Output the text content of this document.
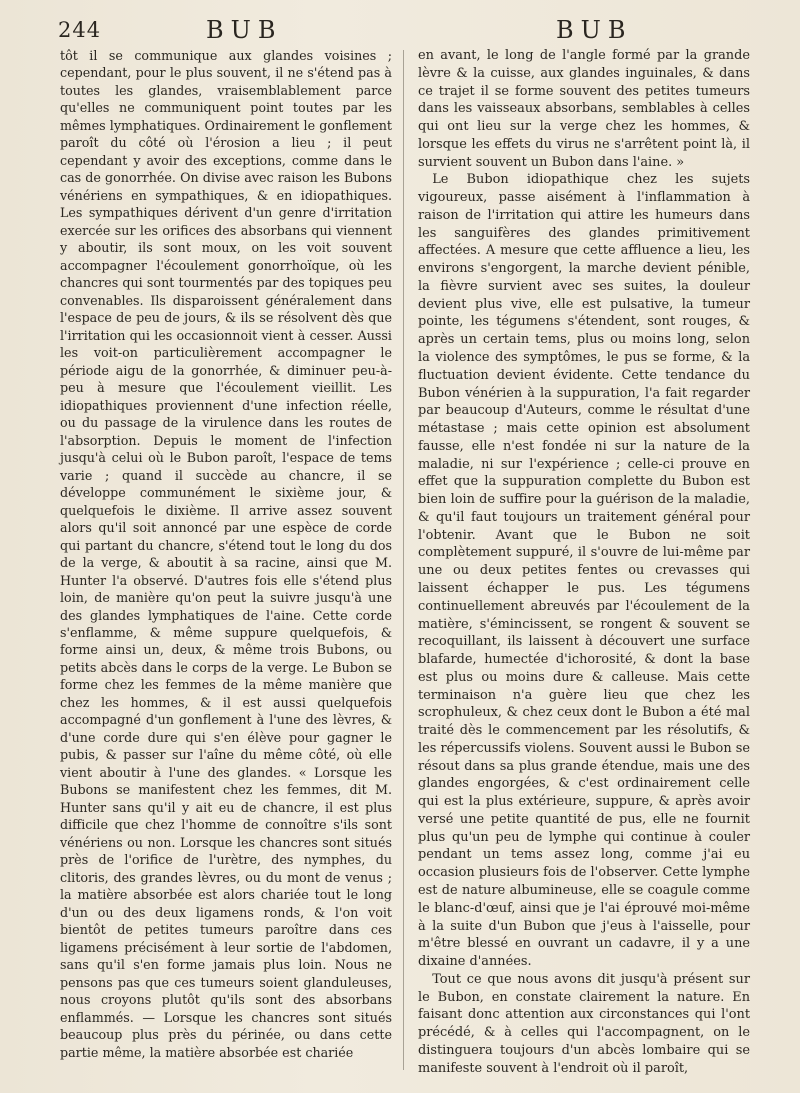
244	BUB	BUB

tôt il se communique aux glandes voisines ; cependant, pour le plus souvent, il ne s'étend pas à toutes les glandes, vraisemblablement parce qu'elles ne communiquent point toutes par les mêmes lymphatiques. Ordinairement le gonflement paroît du côté où l'érosion a lieu ; il peut cependant y avoir des exceptions, comme dans le cas de gonorrhée. On divise avec raison les Bubons vénériens en sympathiques, & en idiopathiques. Les sympathiques dérivent d'un genre d'irritation exercée sur les orifices des absorbans qui viennent y aboutir, ils sont moux, on les voit souvent accompagner l'écoulement gonorrhoïque, où les chancres qui sont tourmentés par des topiques peu convenables. Ils disparoissent généralement dans l'espace de peu de jours, & ils se résolvent dès que l'irritation qui les occasionnoit vient à cesser. Aussi les voit-on particulièrement accompagner le période aigu de la gonorrhée, & diminuer peu-à-peu à mesure que l'écoulement vieillit. Les idiopathiques proviennent d'une infection réelle, ou du passage de la virulence dans les routes de l'absorption. Depuis le moment de l'infection jusqu'à celui où le Bubon paroît, l'espace de tems varie ; quand il succède au chancre, il se développe communément le sixième jour, & quelquefois le dixième. Il arrive assez souvent alors qu'il soit annoncé par une espèce de corde qui partant du chancre, s'étend tout le long du dos de la verge, & aboutit à sa racine, ainsi que M. Hunter l'a observé. D'autres fois elle s'étend plus loin, de manière qu'on peut la suivre jusqu'à une des glandes lymphatiques de l'aine. Cette corde s'enflamme, & même suppure quelquefois, & forme ainsi un, deux, & même trois Bubons, ou petits abcès dans le corps de la verge. Le Bubon se forme chez les femmes de la même manière que chez les hommes, & il est aussi quelquefois accompagné d'un gonflement à l'une des lèvres, & d'une corde dure qui s'en élève pour gagner le pubis, & passer sur l'aîne du même côté, où elle vient aboutir à l'une des glandes. « Lorsque les Bubons se manifestent chez les femmes, dit M. Hunter sans qu'il y ait eu de chancre, il est plus difficile que chez l'homme de connoître s'ils sont vénériens ou non. Lorsque les chancres sont situés près de l'orifice de l'urètre, des nymphes, du clitoris, des grandes lèvres, ou du mont de venus ; la matière absorbée est alors chariée tout le long d'un ou des deux ligamens ronds, & l'on voit bientôt de petites tumeurs paroître dans ces ligamens précisément à leur sortie de l'abdomen, sans qu'il s'en forme jamais plus loin. Nous ne pensons pas que ces tumeurs soient glanduleuses, nous croyons plutôt qu'ils sont des absorbans enflammés. — Lorsque les chancres sont situés beaucoup plus près du périnée, ou dans cette partie même, la matière absorbée est chariée

en avant, le long de l'angle formé par la grande lèvre & la cuisse, aux glandes inguinales, & dans ce trajet il se forme souvent des petites tumeurs dans les vaisseaux absorbans, semblables à celles qui ont lieu sur la verge chez les hommes, & lorsque les effets du virus ne s'arrêtent point là, il survient souvent un Bubon dans l'aine. »

Le Bubon idiopathique chez les sujets vigoureux, passe aisément à l'inflammation à raison de l'irritation qui attire les humeurs dans les sanguifères des glandes primitivement affectées. A mesure que cette affluence a lieu, les environs s'engorgent, la marche devient pénible, la fièvre survient avec ses suites, la douleur devient plus vive, elle est pulsative, la tumeur pointe, les tégumens s'étendent, sont rouges, & après un certain tems, plus ou moins long, selon la violence des symptômes, le pus se forme, & la fluctuation devient évidente. Cette tendance du Bubon vénérien à la suppuration, l'a fait regarder par beaucoup d'Auteurs, comme le résultat d'une métastase ; mais cette opinion est absolument fausse, elle n'est fondée ni sur la nature de la maladie, ni sur l'expérience ; celle-ci prouve en effet que la suppuration complette du Bubon est bien loin de suffire pour la guérison de la maladie, & qu'il faut toujours un traitement général pour l'obtenir. Avant que le Bubon ne soit complètement suppuré, il s'ouvre de lui-même par une ou deux petites fentes ou crevasses qui laissent échapper le pus. Les tégumens continuellement abreuvés par l'écoulement de la matière, s'émincissent, se rongent & souvent se recoquillant, ils laissent à découvert une surface blafarde, humectée d'ichorosité, & dont la base est plus ou moins dure & calleuse. Mais cette terminaison n'a guère lieu que chez les scrophuleux, & chez ceux dont le Bubon a été mal traité dès le commencement par les résolutifs, & les répercussifs violens. Souvent aussi le Bubon se résout dans sa plus grande étendue, mais une des glandes engorgées, & c'est ordinairement celle qui est la plus extérieure, suppure, & après avoir versé une petite quantité de pus, elle ne fournit plus qu'un peu de lymphe qui continue à couler pendant un tems assez long, comme j'ai eu occasion plusieurs fois de l'observer. Cette lymphe est de nature albumineuse, elle se coagule comme le blanc-d'œuf, ainsi que je l'ai éprouvé moi-même à la suite d'un Bubon que j'eus à l'aisselle, pour m'être blessé en ouvrant un cadavre, il y a une dixaine d'années.

Tout ce que nous avons dit jusqu'à présent sur le Bubon, en constate clairement la nature. En faisant donc attention aux circonstances qui l'ont précédé, & à celles qui l'accompagnent, on le distinguera toujours d'un abcès lombaire qui se manifeste souvent à l'endroit où il paroît,
